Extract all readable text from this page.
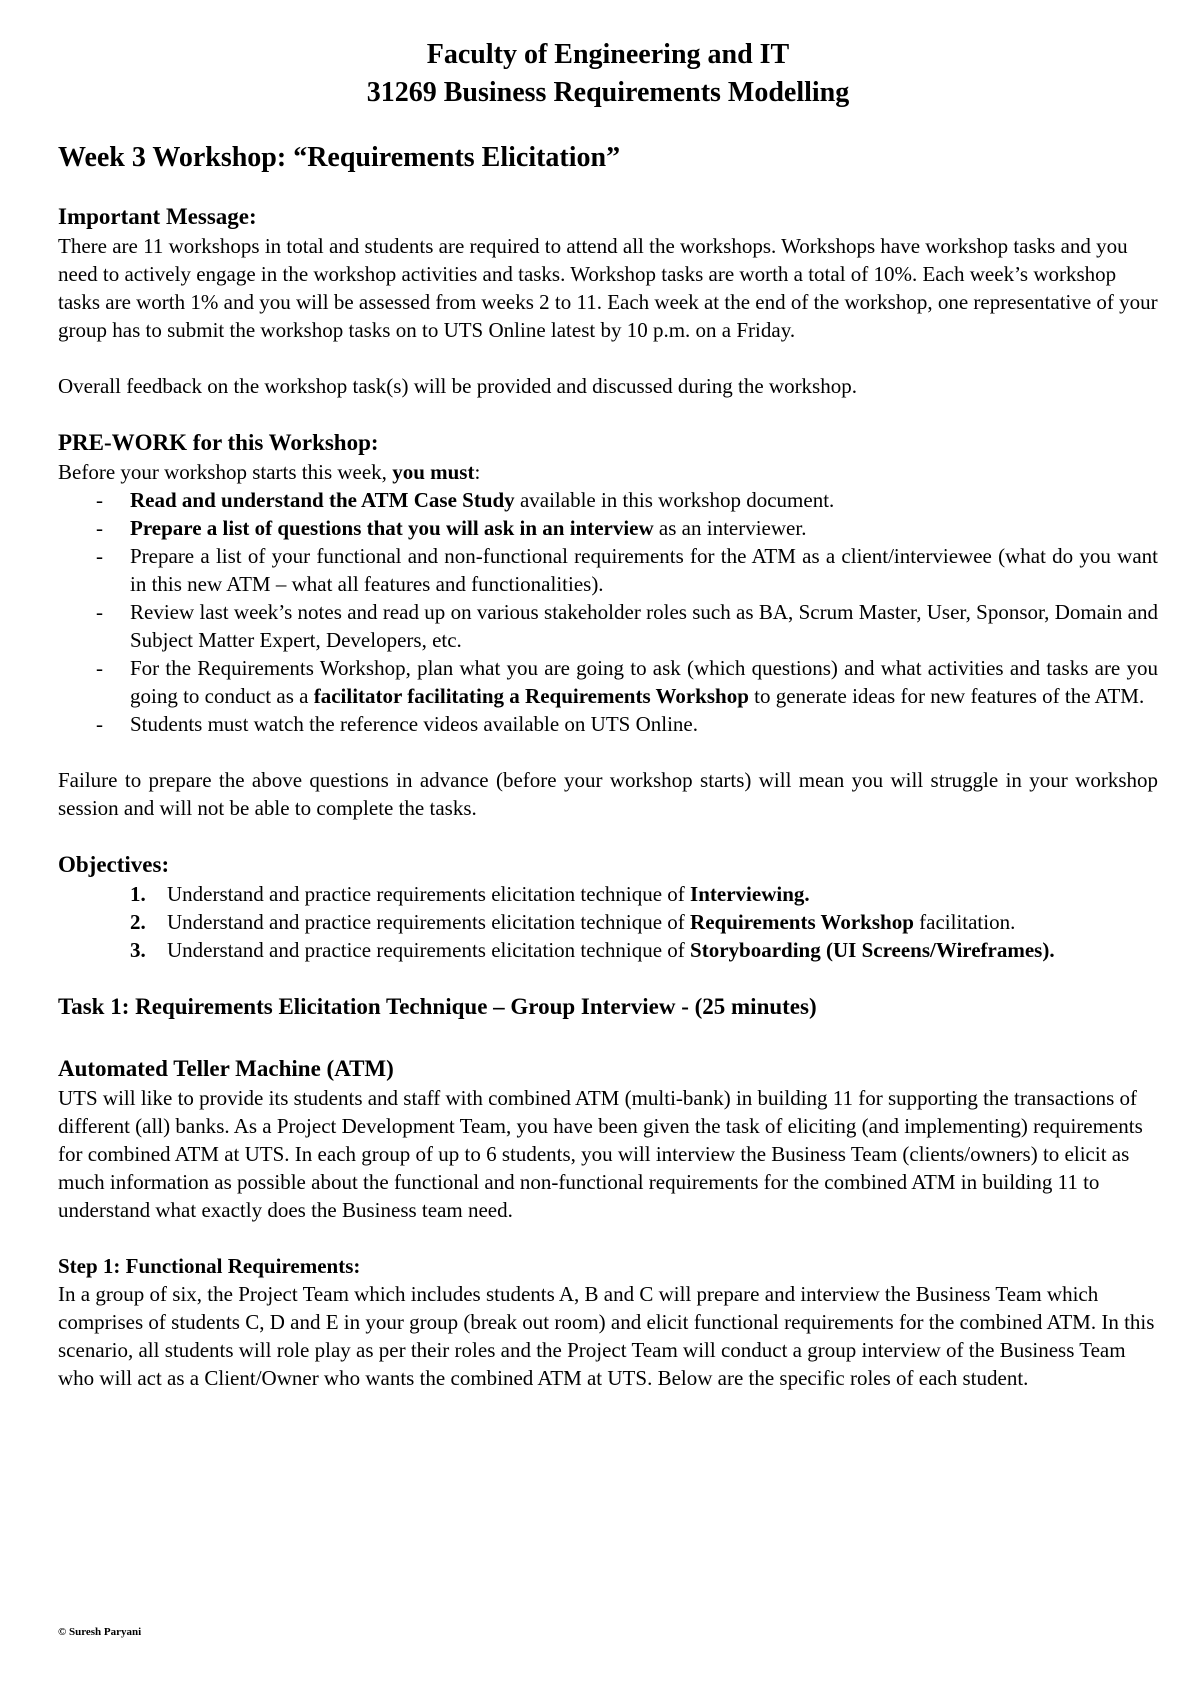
Faculty of Engineering and IT
31269 Business Requirements Modelling
Week 3 Workshop: “Requirements Elicitation”
Important Message:

There are 11 workshops in total and students are required to attend all the workshops. Workshops have workshop tasks and you need to actively engage in the workshop activities and tasks. Workshop tasks are worth a total of 10%. Each week’s workshop tasks are worth 1% and you will be assessed from weeks 2 to 11. Each week at the end of the workshop, one representative of your group has to submit the workshop tasks on to UTS Online latest by 10 p.m. on a Friday.

Overall feedback on the workshop task(s) will be provided and discussed during the workshop.

PRE-WORK for this Workshop:

Before your workshop starts this week, you must:

- Read and understand the ATM Case Study available in this workshop document.
- Prepare a list of questions that you will ask in an interview as an interviewer.
- Prepare a list of your functional and non-functional requirements for the ATM as a client/interviewee (what do you want in this new ATM – what all features and functionalities).
- Review last week’s notes and read up on various stakeholder roles such as BA, Scrum Master, User, Sponsor, Domain and Subject Matter Expert, Developers, etc.
- For the Requirements Workshop, plan what you are going to ask (which questions) and what activities and tasks are you going to conduct as a facilitator facilitating a Requirements Workshop to generate ideas for new features of the ATM.
- Students must watch the reference videos available on UTS Online.

Failure to prepare the above questions in advance (before your workshop starts) will mean you will struggle in your workshop session and will not be able to complete the tasks.

Objectives:
1. Understand and practice requirements elicitation technique of Interviewing.
2. Understand and practice requirements elicitation technique of Requirements Workshop facilitation.
3. Understand and practice requirements elicitation technique of Storyboarding (UI Screens/Wireframes).
Task 1: Requirements Elicitation Technique – Group Interview - (25 minutes)
Automated Teller Machine (ATM)

UTS will like to provide its students and staff with combined ATM (multi-bank) in building 11 for supporting the transactions of different (all) banks. As a Project Development Team, you have been given the task of eliciting (and implementing) requirements for combined ATM at UTS. In each group of up to 6 students, you will interview the Business Team (clients/owners) to elicit as much information as possible about the functional and non-functional requirements for the combined ATM in building 11 to understand what exactly does the Business team need.

Step 1: Functional Requirements:

In a group of six, the Project Team which includes students A, B and C will prepare and interview the Business Team which comprises of students C, D and E in your group (break out room) and elicit functional requirements for the combined ATM. In this scenario, all students will role play as per their roles and the Project Team will conduct a group interview of the Business Team who will act as a Client/Owner who wants the combined ATM at UTS. Below are the specific roles of each student.

© Suresh Paryani
